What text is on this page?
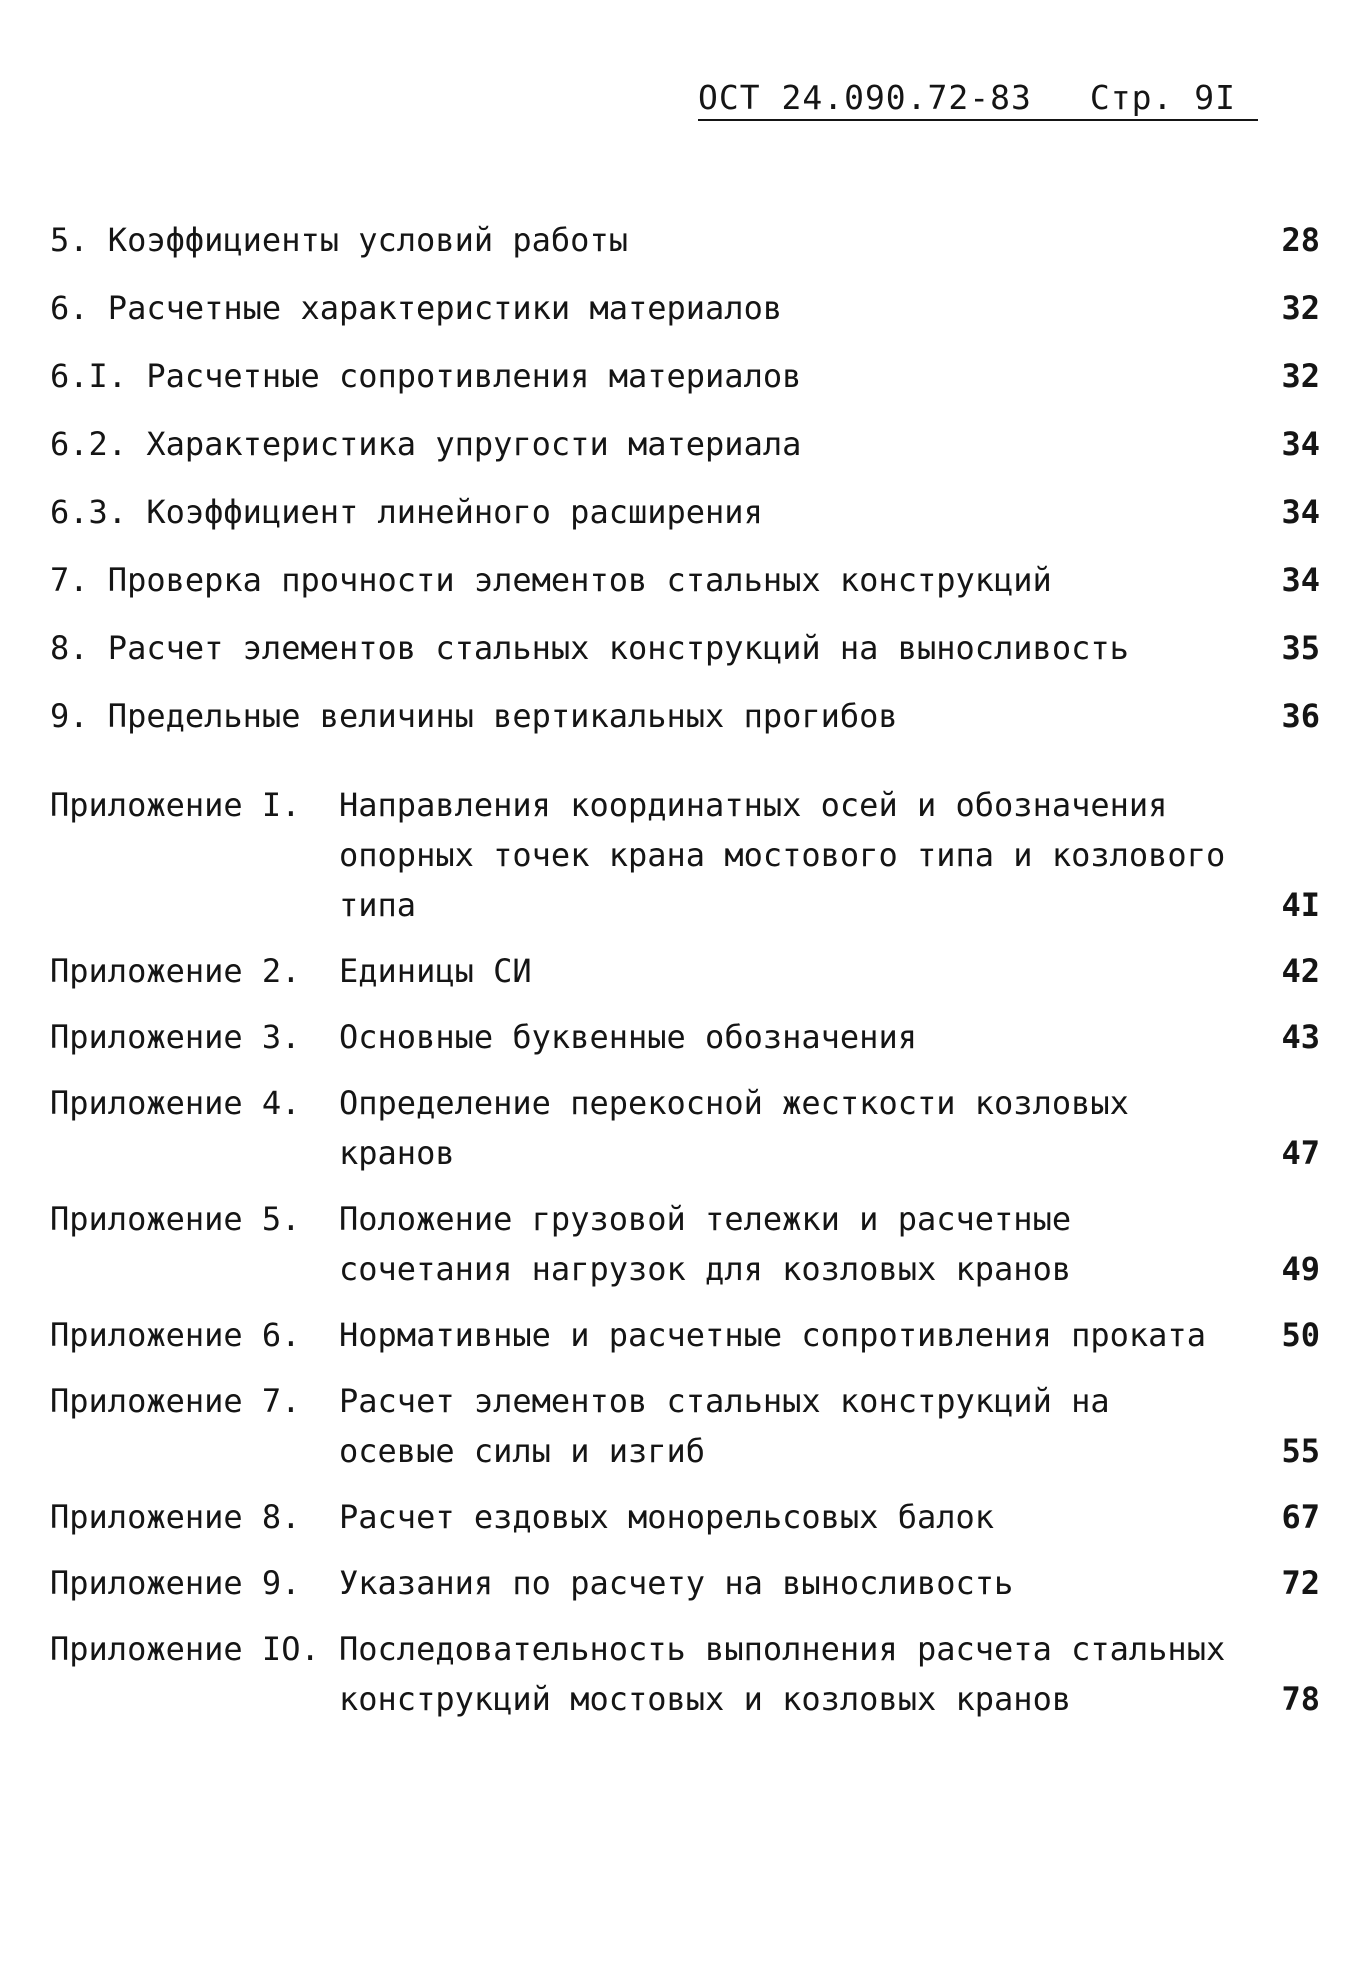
ОСТ 24.090.72-83 Стр. 9I
5. Коэффициенты условий работы	28
6. Расчетные характеристики материалов	32
6.I. Расчетные сопротивления материалов	32
6.2. Характеристика упругости материала	34
6.3. Коэффициент линейного расширения	34
7. Проверка прочности элементов стальных конструкций	34
8. Расчет элементов стальных конструкций на выносливость	35
9. Предельные величины вертикальных прогибов	36
Приложение I. Направления координатных осей и обозначения опорных точек крана мостового типа и козлового типа	4I
Приложение 2. Единицы СИ	42
Приложение 3. Основные буквенные обозначения	43
Приложение 4. Определение перекосной жесткости козловых кранов	47
Приложение 5. Положение грузовой тележки и расчетные сочетания нагрузок для козловых кранов	49
Приложение 6. Нормативные и расчетные сопротивления проката	50
Приложение 7. Расчет элементов стальных конструкций на осевые силы и изгиб	55
Приложение 8. Расчет ездовых монорельсовых балок	67
Приложение 9. Указания по расчету на выносливость	72
Приложение IO. Последовательность выполнения расчета стальных конструкций мостовых и козловых кранов	78
